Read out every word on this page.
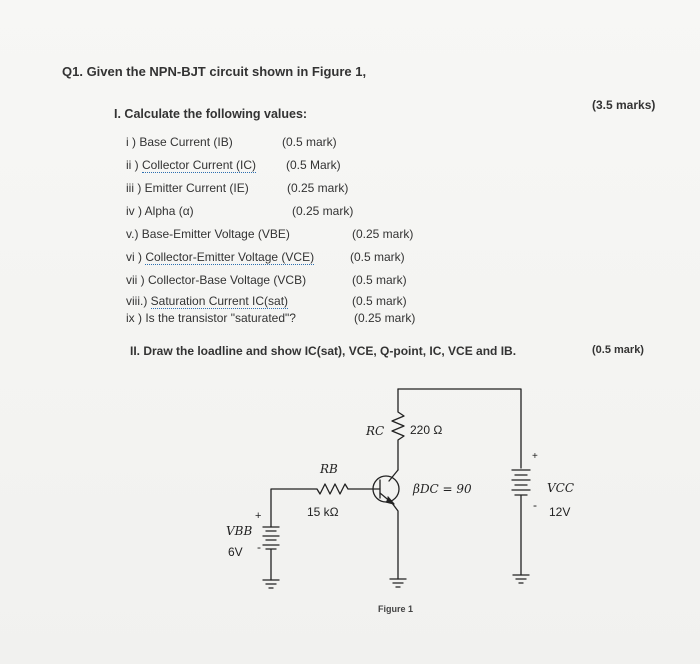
Q1. Given the NPN-BJT circuit shown in Figure 1,
I. Calculate the following values:
(3.5 marks)
i ) Base Current (IB)	(0.5 mark)
ii ) Collector Current (IC) (0.5 Mark)
iii ) Emitter Current (IE)	(0.25 mark)
iv ) Alpha (α)	(0.25 mark)
v.) Base-Emitter Voltage (VBE)	(0.25 mark)
vi ) Collector-Emitter Voltage (VCE)	(0.5 mark)
vii ) Collector-Base Voltage (VCB)	(0.5 mark)
viii.) Saturation Current IC(sat)	(0.5 mark)
ix ) Is the transistor "saturated"?	(0.25 mark)
II. Draw the loadline and show IC(sat), VCE, Q-point, IC, VCE and IB.	(0.5 mark)
RC 220 Ω
RB
15 kΩ
βDC = 90	VCC
12V
+
-
VBB
6V
+
-
Figure 1
